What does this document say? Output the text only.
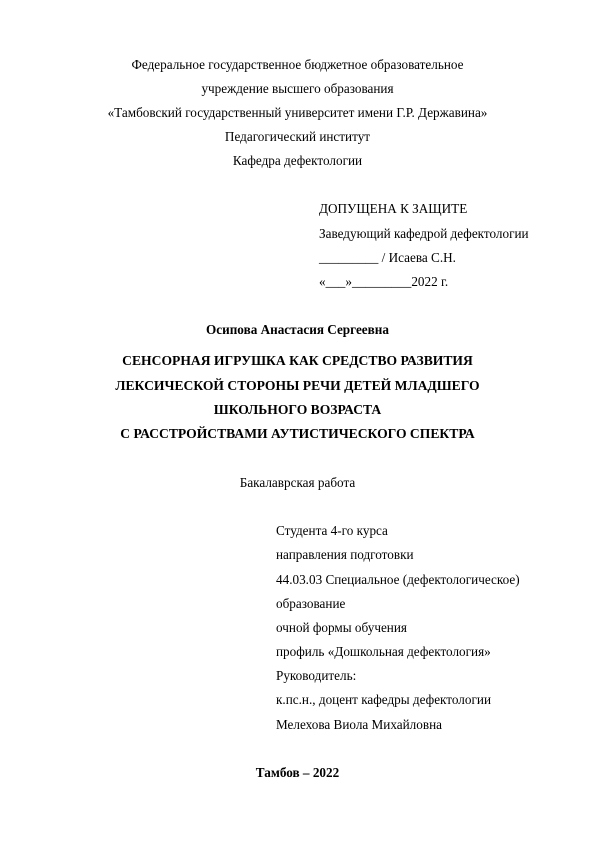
Федеральное государственное бюджетное образовательное
учреждение высшего образования
«Тамбовский государственный университет имени Г.Р. Державина»
Педагогический институт
Кафедра дефектологии
ДОПУЩЕНА К ЗАЩИТЕ
Заведующий кафедрой дефектологии
_________ / Исаева С.Н.
«___»_________2022 г.
Осипова Анастасия Сергеевна
СЕНСОРНАЯ ИГРУШКА КАК СРЕДСТВО РАЗВИТИЯ
ЛЕКСИЧЕСКОЙ СТОРОНЫ РЕЧИ ДЕТЕЙ МЛАДШЕГО
ШКОЛЬНОГО ВОЗРАСТА
С РАССТРОЙСТВАМИ АУТИСТИЧЕСКОГО СПЕКТРА
Бакалаврская работа
Студента 4-го курса
направления подготовки
44.03.03 Специальное (дефектологическое)
образование
очной формы обучения
профиль «Дошкольная дефектология»
Руководитель:
к.пс.н., доцент кафедры дефектологии
Мелехова Виола Михайловна
Тамбов – 2022
